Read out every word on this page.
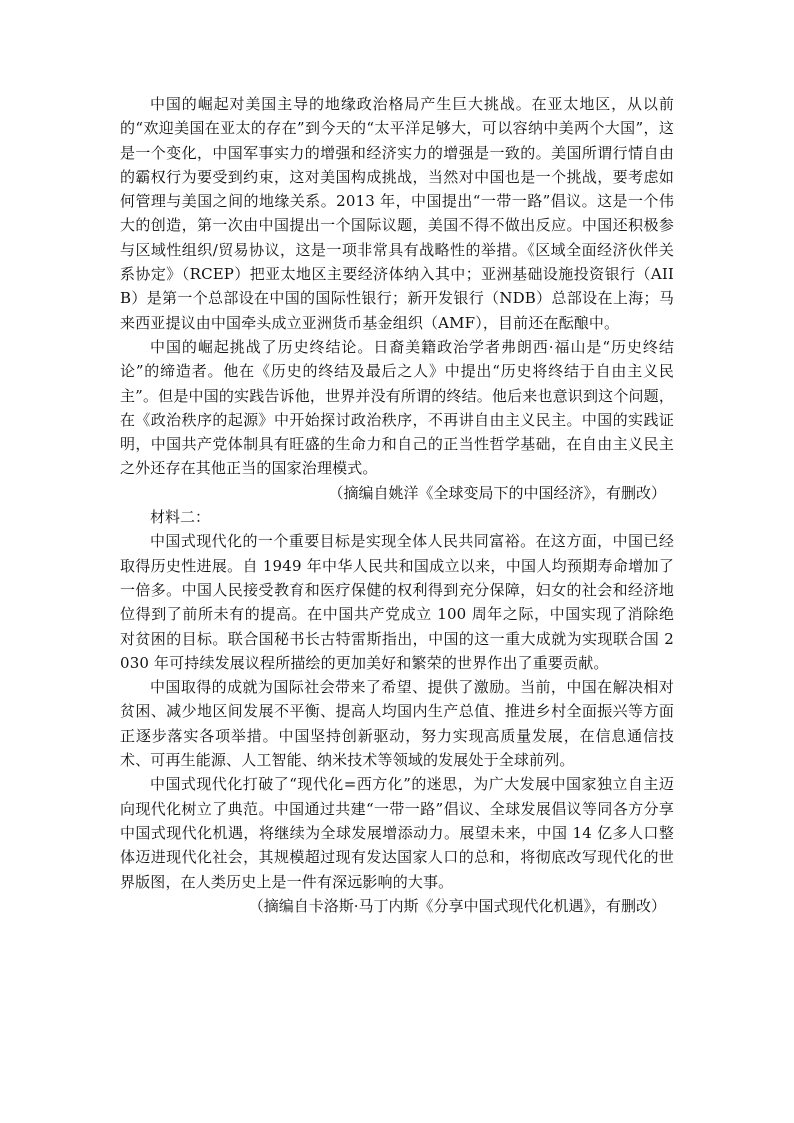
中国的崛起对美国主导的地缘政治格局产生巨大挑战。在亚太地区，从以前的“欢迎美国在亚太的存在”到今天的“太平洋足够大，可以容纳中美两个大国”，这是一个变化，中国军事实力的增强和经济实力的增强是一致的。美国所谓行情自由的霸权行为要受到约束，这对美国构成挑战，当然对中国也是一个挑战，要考虑如何管理与美国之间的地缘关系。2013 年，中国提出“一带一路”倡议。这是一个伟大的创造，第一次由中国提出一个国际议题，美国不得不做出反应。中国还积极参与区域性组织/贸易协议，这是一项非常具有战略性的举措。《区域全面经济伙伴关系协定》（RCEP）把亚太地区主要经济体纳入其中；亚洲基础设施投资银行（AIIB）是第一个总部设在中国的国际性银行；新开发银行（NDB）总部设在上海；马来西亚提议由中国牵头成立亚洲货币基金组织（AMF），目前还在酝酿中。

中国的崛起挑战了历史终结论。日裔美籍政治学者弗朗西·福山是“历史终结论”的缔造者。他在《历史的终结及最后之人》中提出“历史将终结于自由主义民主”。但是中国的实践告诉他，世界并没有所谓的终结。他后来也意识到这个问题，在《政治秩序的起源》中开始探讨政治秩序，不再讲自由主义民主。中国的实践证明，中国共产党体制具有旺盛的生命力和自己的正当性哲学基础，在自由主义民主之外还存在其他正当的国家治理模式。

（摘编自姚洋《全球变局下的中国经济》，有删改）

材料二：

中国式现代化的一个重要目标是实现全体人民共同富裕。在这方面，中国已经取得历史性进展。自 1949 年中华人民共和国成立以来，中国人均预期寿命增加了一倍多。中国人民接受教育和医疗保健的权利得到充分保障，妇女的社会和经济地位得到了前所未有的提高。在中国共产党成立 100 周年之际，中国实现了消除绝对贫困的目标。联合国秘书长古特雷斯指出，中国的这一重大成就为实现联合国 2030 年可持续发展议程所描绘的更加美好和繁荣的世界作出了重要贡献。

中国取得的成就为国际社会带来了希望、提供了激励。当前，中国在解决相对贫困、减少地区间发展不平衡、提高人均国内生产总值、推进乡村全面振兴等方面正逐步落实各项举措。中国坚持创新驱动，努力实现高质量发展，在信息通信技术、可再生能源、人工智能、纳米技术等领域的发展处于全球前列。

中国式现代化打破了“现代化=西方化”的迷思，为广大发展中国家独立自主迈向现代化树立了典范。中国通过共建“一带一路”倡议、全球发展倡议等同各方分享中国式现代化机遇，将继续为全球发展增添动力。展望未来，中国 14 亿多人口整体迈进现代化社会，其规模超过现有发达国家人口的总和，将彻底改写现代化的世界版图，在人类历史上是一件有深远影响的大事。

（摘编自卡洛斯·马丁内斯《分享中国式现代化机遇》，有删改）
